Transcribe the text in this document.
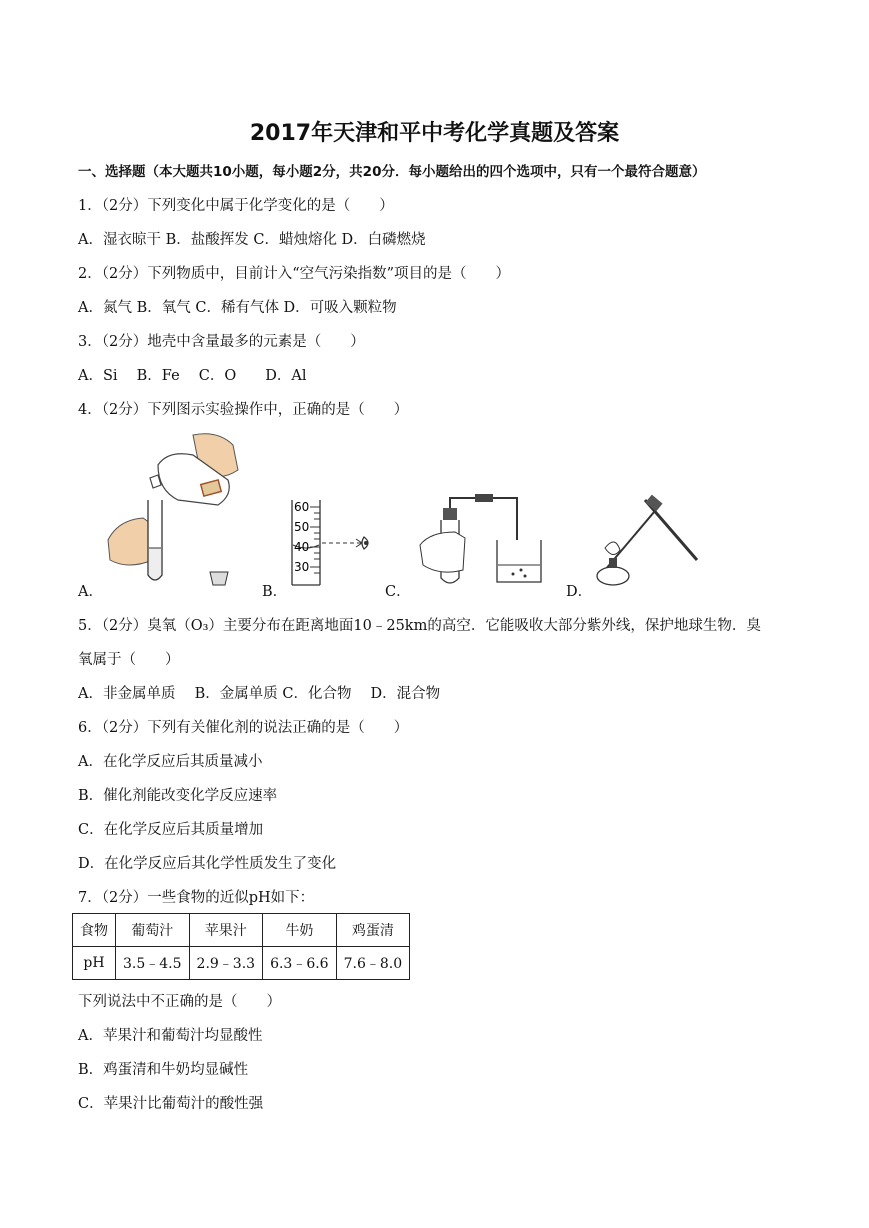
2017年天津和平中考化学真题及答案
一、选择题（本大题共10小题，每小题2分，共20分．每小题给出的四个选项中，只有一个最符合题意）
1．（2分）下列变化中属于化学变化的是（　　）
A．湿衣晾干 B．盐酸挥发 C．蜡烛熔化 D．白磷燃烧
2．（2分）下列物质中，目前计入“空气污染指数”项目的是（　　）
A．氮气 B．氧气 C．稀有气体 D．可吸入颗粒物
3．（2分）地壳中含量最多的元素是（　　）
A．Si　 B．Fe　 C．O　　D．Al
4．（2分）下列图示实验操作中，正确的是（　　）
A．
60
50
40
30
B．	C．	D．
5．（2分）臭氧（O₃）主要分布在距离地面10﹣25km的高空．它能吸收大部分紫外线，保护地球生物．臭
氧属于（　　）
A．非金属单质　 B．金属单质 C．化合物　 D．混合物
6．（2分）下列有关催化剂的说法正确的是（　　）
A．在化学反应后其质量减小
B．催化剂能改变化学反应速率
C．在化学反应后其质量增加
D．在化学反应后其化学性质发生了变化
7．（2分）一些食物的近似pH如下：
食物	葡萄汁	苹果汁	牛奶	鸡蛋清
pH	3.5﹣4.5	2.9﹣3.3	6.3﹣6.6	7.6﹣8.0
下列说法中不正确的是（　　）
A．苹果汁和葡萄汁均显酸性
B．鸡蛋清和牛奶均显碱性
C．苹果汁比葡萄汁的酸性强
